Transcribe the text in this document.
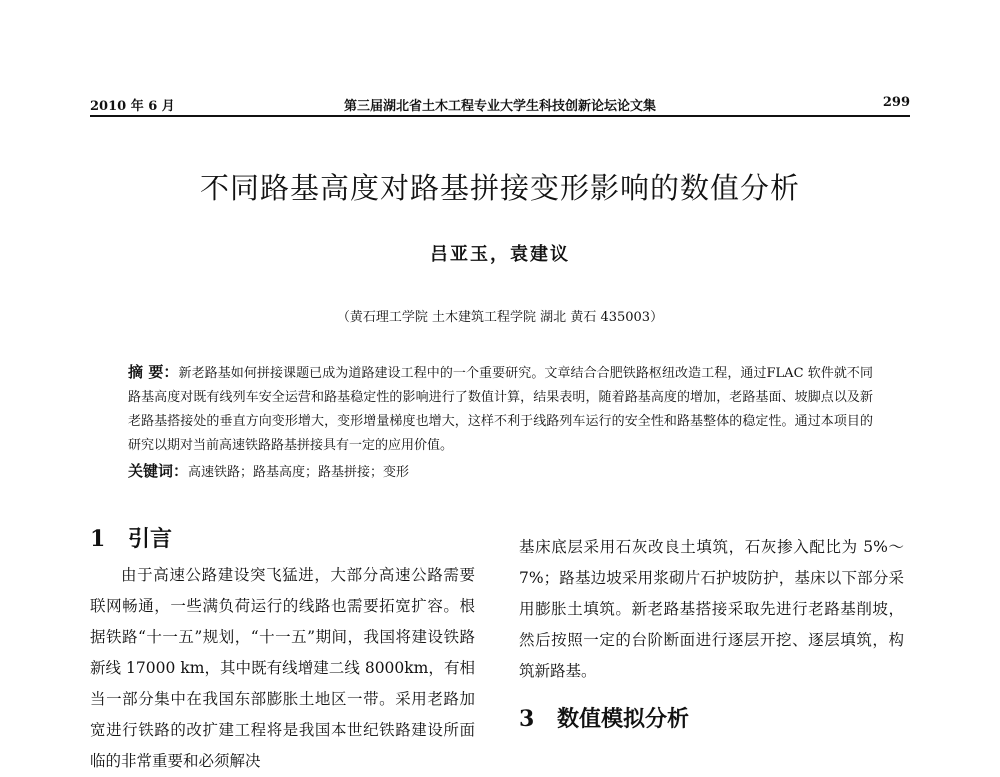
2010 年 6 月	第三届湖北省土木工程专业大学生科技创新论坛论文集	299
不同路基高度对路基拼接变形影响的数值分析
吕亚玉，袁建议
（黄石理工学院 土木建筑工程学院 湖北 黄石 435003）
摘 要：新老路基如何拼接课题已成为道路建设工程中的一个重要研究。文章结合合肥铁路枢纽改造工程，通过FLAC 软件就不同路基高度对既有线列车安全运营和路基稳定性的影响进行了数值计算，结果表明，随着路基高度的增加，老路基面、坡脚点以及新老路基搭接处的垂直方向变形增大，变形增量梯度也增大，这样不利于线路列车运行的安全性和路基整体的稳定性。通过本项目的研究以期对当前高速铁路路基拼接具有一定的应用价值。
关键词：高速铁路；路基高度；路基拼接；变形
1 引言

由于高速公路建设突飞猛进，大部分高速公路需要联网畅通，一些满负荷运行的线路也需要拓宽扩容。根据铁路“十一五”规划，“十一五”期间，我国将建设铁路新线 17000 km，其中既有线增建二线 8000km，有相当一部分集中在我国东部膨胀土地区一带。采用老路加宽进行铁路的改扩建工程将是我国本世纪铁路建设所面临的非常重要和必须解决

基床底层采用石灰改良土填筑，石灰掺入配比为 5%～7%；路基边坡采用浆砌片石护坡防护，基床以下部分采用膨胀土填筑。新老路基搭接采取先进行老路基削坡，然后按照一定的台阶断面进行逐层开挖、逐层填筑，构筑新路基。

3 数值模拟分析
